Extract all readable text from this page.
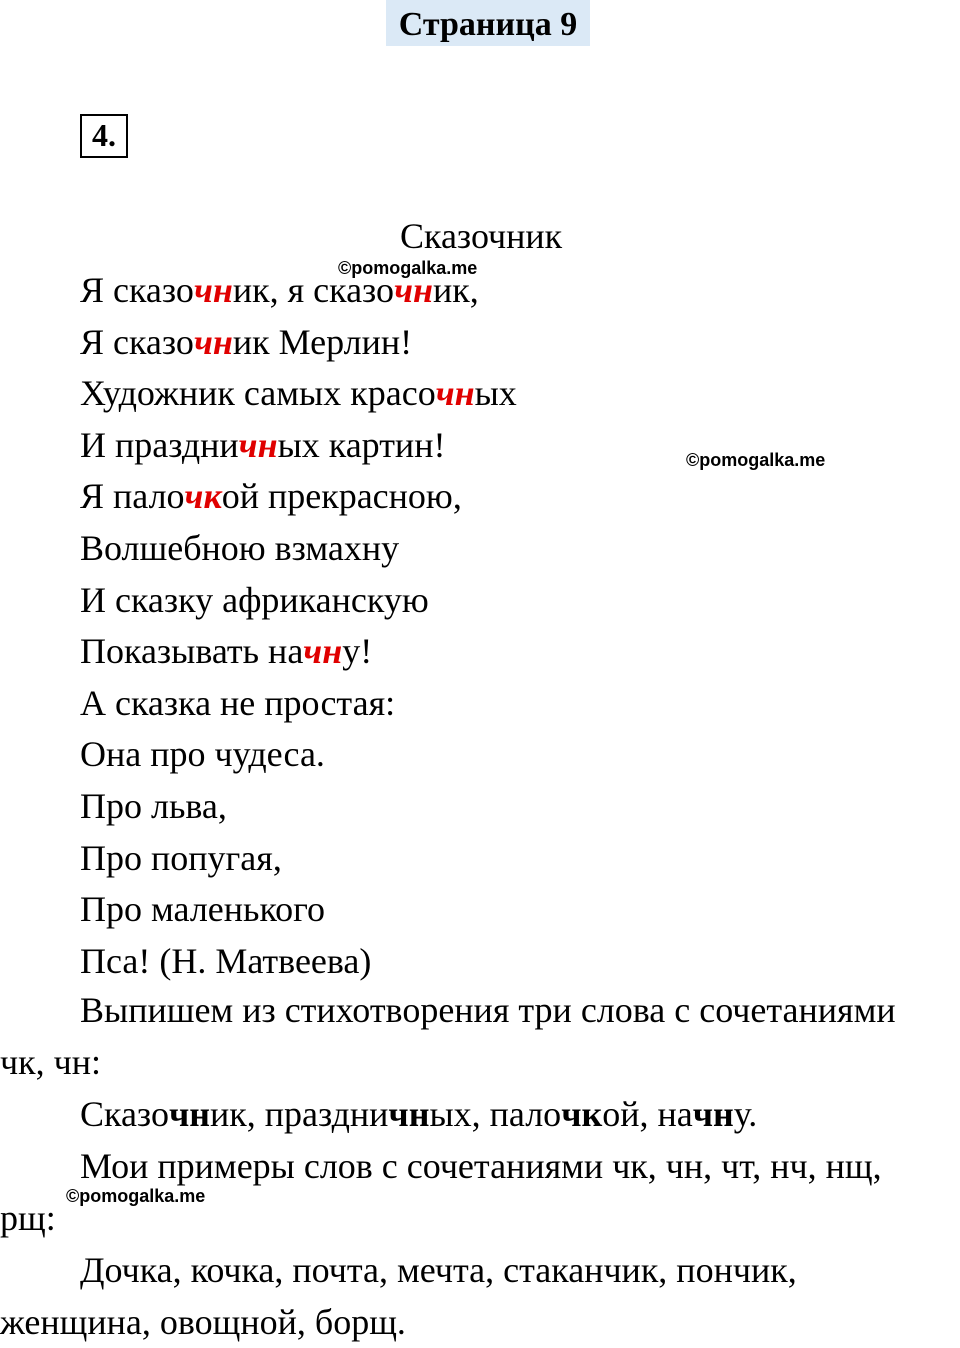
Страница 9
4.
Сказочник
Я сказочник, я сказочник,
Я сказочник Мерлин!
Художник самых красочных
И праздничных картин!
Я палочкой прекрасною,
Волшебною взмахну
И сказку африканскую
Показывать начну!
А сказка не простая:
Она про чудеса.
Про льва,
Про попугая,
Про маленького
Пса! (Н. Матвеева)
Выпишем из стихотворения три слова с сочетаниями
чк, чн:
Сказочник, праздничных, палочкой, начну.
Мои примеры слов с сочетаниями чк, чн, чт, нч, нщ,
рщ:
Дочка, кочка, почта, мечта, стаканчик, пончик,
женщина, овощной, борщ.
©pomogalka.me
©pomogalka.me
©pomogalka.me
